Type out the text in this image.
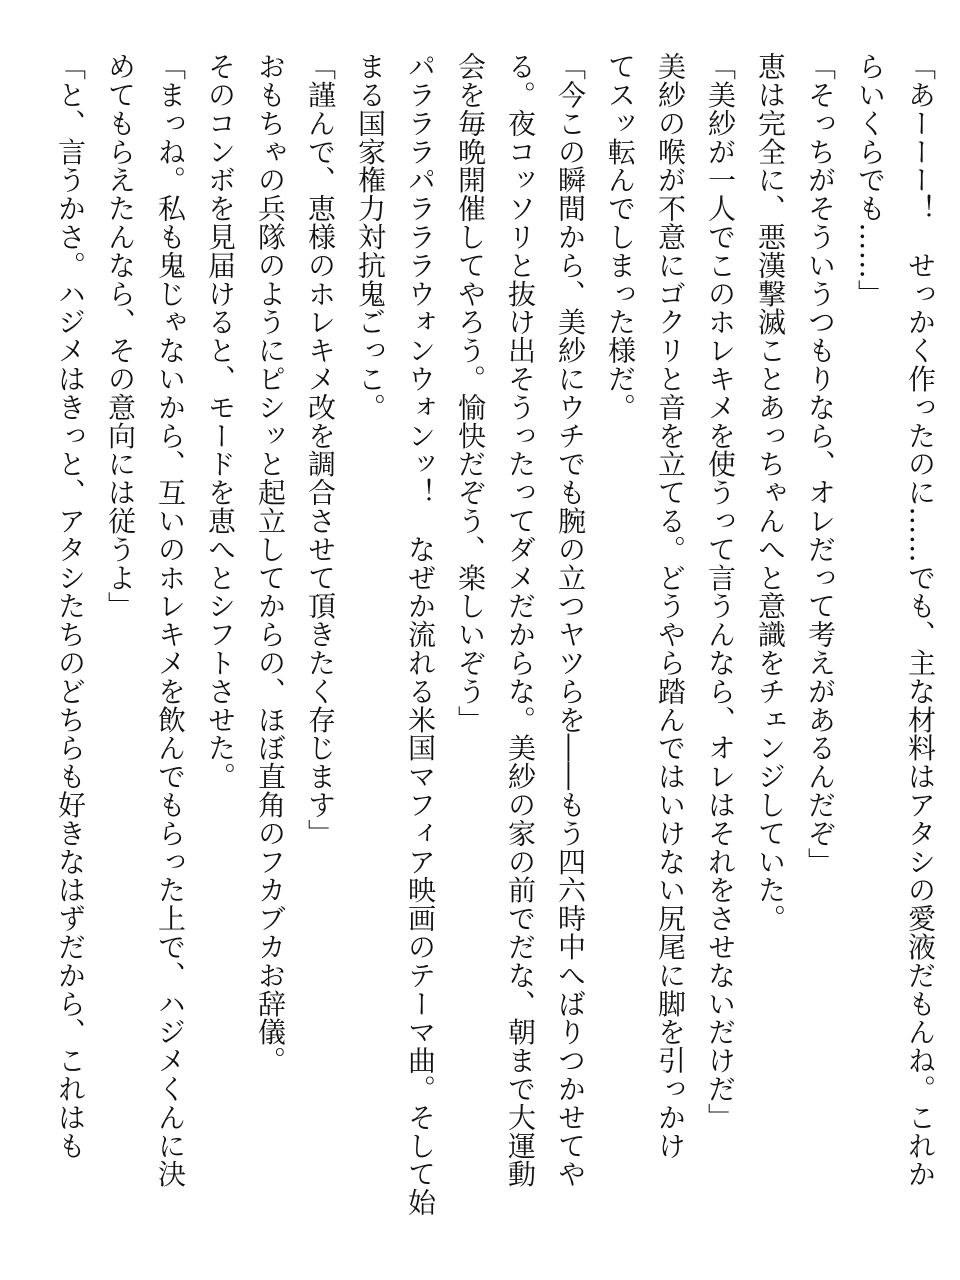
「あーーー！　せっかく作ったのに……でも、主な材料はアタシの愛液だもんね。これか
らいくらでも……」
「そっちがそういうつもりなら、オレだって考えがあるんだぞ」
恵は完全に、悪漢撃滅ことあっちゃんへと意識をチェンジしていた。
「美紗が一人でこのホレキメを使うって言うんなら、オレはそれをさせないだけだ」
美紗の喉が不意にゴクリと音を立てる。どうやら踏んではいけない尻尾に脚を引っかけ
てスッ転んでしまった様だ。
「今この瞬間から、美紗にウチでも腕の立つヤツらを――もう四六時中へばりつかせてや
る。夜コッソリと抜け出そうったってダメだからな。美紗の家の前でだな、朝まで大運動
会を毎晩開催してやろう。愉快だぞう、楽しいぞう」
パラララパラララウォンウォンッ！　なぜか流れる米国マフィア映画のテーマ曲。そして始
まる国家権力対抗鬼ごっこ。
「謹んで、恵様のホレキメ改を調合させて頂きたく存じます」
おもちゃの兵隊のようにピシッと起立してからの、ほぼ直角のフカブカお辞儀。
そのコンボを見届けると、モードを恵へとシフトさせた。
「まっね。私も鬼じゃないから、互いのホレキメを飲んでもらった上で、ハジメくんに決
めてもらえたんなら、その意向には従うよ」
「と、言うかさ。ハジメはきっと、アタシたちのどちらも好きなはずだから、これはも
